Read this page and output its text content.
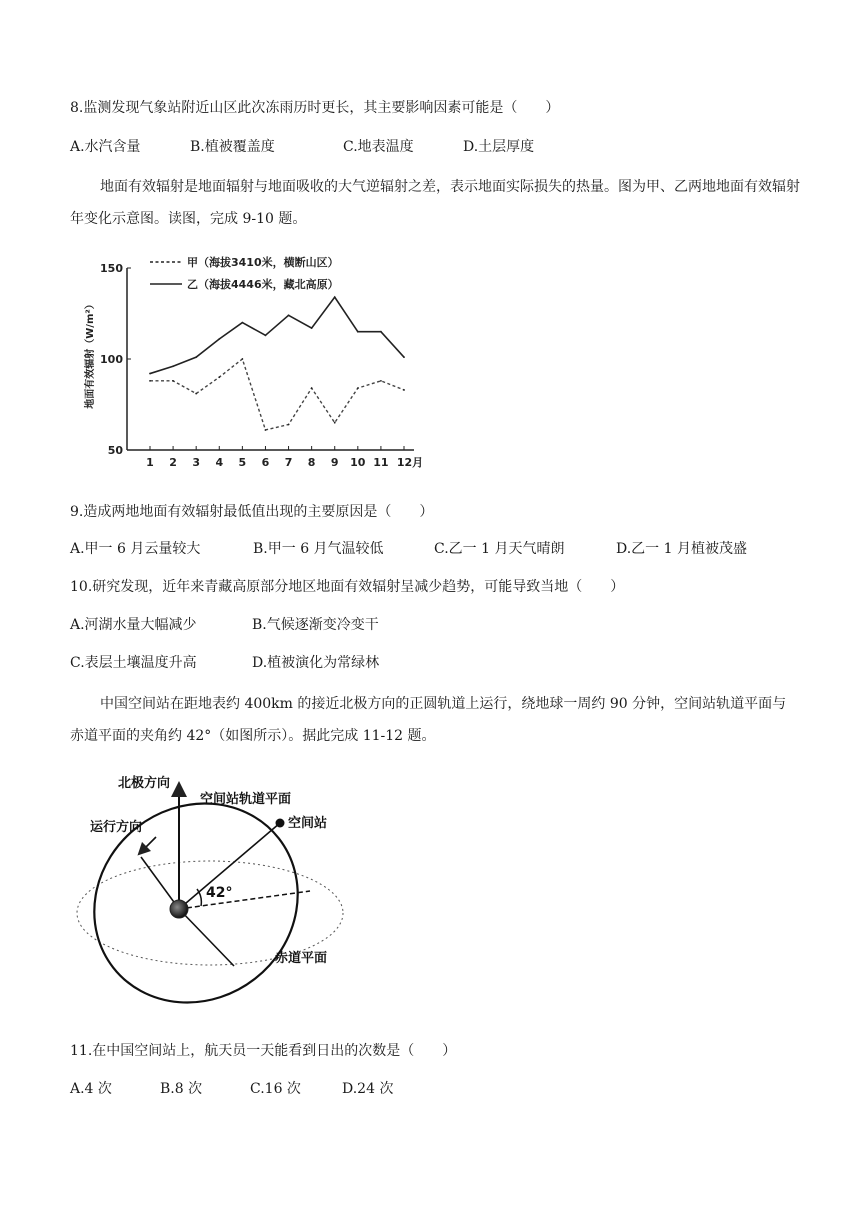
8.监测发现气象站附近山区此次冻雨历时更长，其主要影响因素可能是（　　）
A.水汽含量	B.植被覆盖度	C.地表温度	D.土层厚度
地面有效辐射是地面辐射与地面吸收的大气逆辐射之差，表示地面实际损失的热量。图为甲、乙两地地面有效辐射年变化示意图。读图，完成 9-10 题。
150
100
50
1 2 3 4 5 6 7 8 9 10 11 12月
甲（海拔3410米，横断山区）
乙（海拔4446米，藏北高原）
地面有效辐射（W/m²）
9.造成两地地面有效辐射最低值出现的主要原因是（　　）
A.甲一 6 月云量较大	B.甲一 6 月气温较低	C.乙一 1 月天气晴朗	D.乙一 1 月植被茂盛
10.研究发现，近年来青藏高原部分地区地面有效辐射呈减少趋势，可能导致当地（　　）
A.河湖水量大幅减少	B.气候逐渐变冷变干
C.表层土壤温度升高	D.植被演化为常绿林
中国空间站在距地表约 400km 的接近北极方向的正圆轨道上运行，绕地球一周约 90 分钟，空间站轨道平面与赤道平面的夹角约 42°（如图所示）。据此完成 11-12 题。
北极方向
空间站轨道平面
空间站
运行方向
42°
赤道平面
11.在中国空间站上，航天员一天能看到日出的次数是（　　）
A.4 次	B.8 次	C.16 次	D.24 次
